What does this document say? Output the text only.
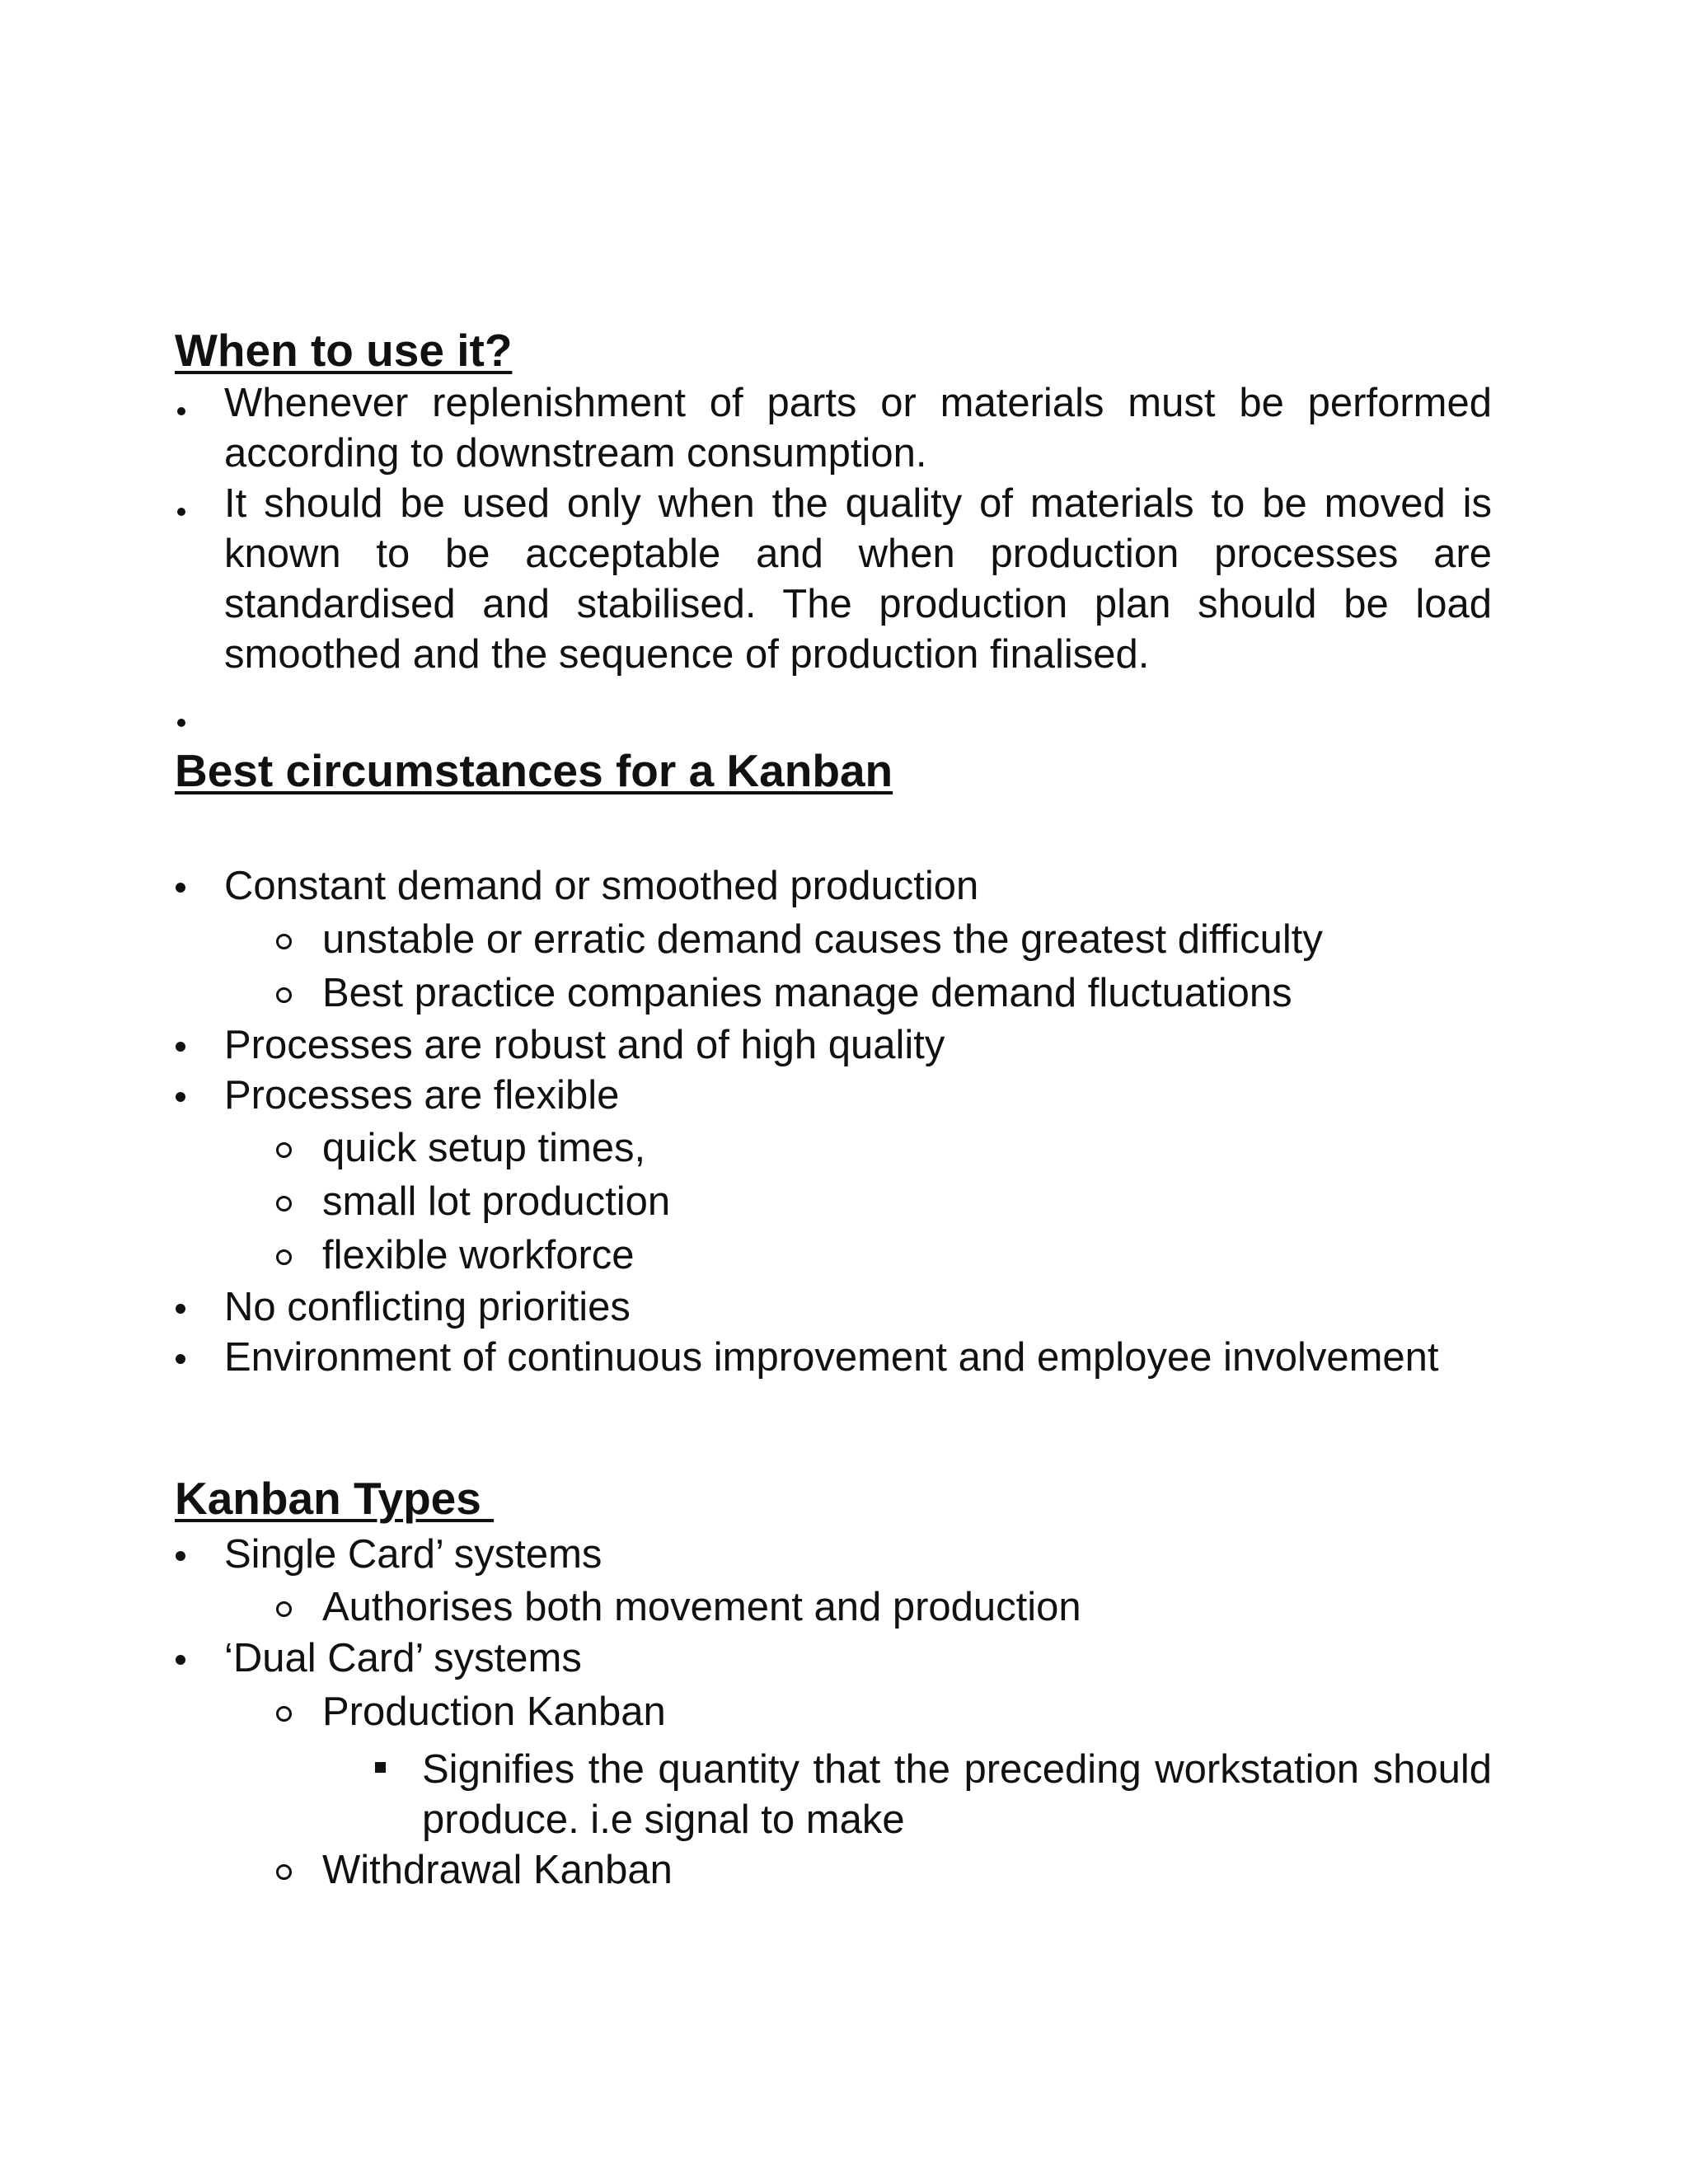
When to use it?
Whenever replenishment of parts or materials must be performed according to downstream consumption.
It should be used only when the quality of materials to be moved is known to be acceptable and when production processes are standardised and stabilised. The production plan should be load smoothed and the sequence of production finalised.
Best circumstances for a Kanban
Constant demand or smoothed production
unstable or erratic demand causes the greatest difficulty
Best practice companies manage demand fluctuations
Processes are robust and of high quality
Processes are flexible
quick setup times,
small lot production
flexible workforce
No conflicting priorities
Environment of continuous improvement and employee involvement
Kanban Types
Single Card’ systems
Authorises both movement and production
‘Dual Card’ systems
Production Kanban
Signifies the quantity that the preceding workstation should produce. i.e signal to make
Withdrawal Kanban
